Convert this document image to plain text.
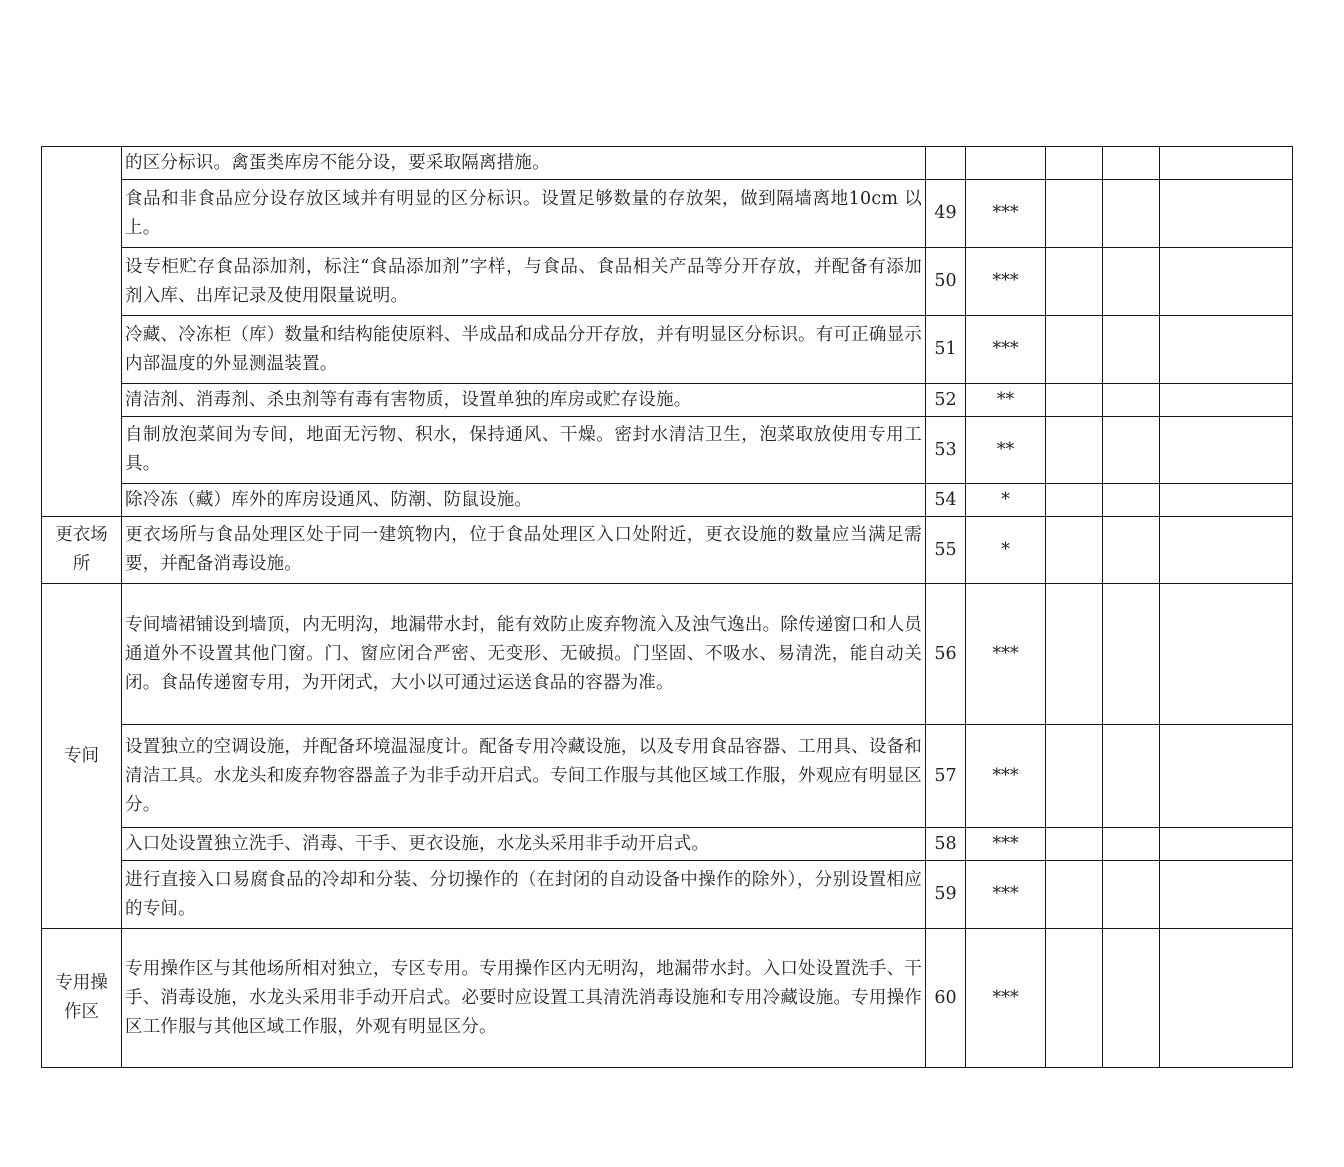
	的区分标识。禽蛋类库房不能分设，要采取隔离措施。					
	食品和非食品应分设存放区域并有明显的区分标识。设置足够数量的存放架，做到隔墙离地10cm 以上。	49	***			
	设专柜贮存食品添加剂，标注“食品添加剂”字样，与食品、食品相关产品等分开存放，并配备有添加剂入库、出库记录及使用限量说明。	50	***			
	冷藏、冷冻柜（库）数量和结构能使原料、半成品和成品分开存放，并有明显区分标识。有可正确显示内部温度的外显测温装置。	51	***			
	清洁剂、消毒剂、杀虫剂等有毒有害物质，设置单独的库房或贮存设施。	52	**			
	自制放泡菜间为专间，地面无污物、积水，保持通风、干燥。密封水清洁卫生，泡菜取放使用专用工具。	53	**			
	除冷冻（藏）库外的库房设通风、防潮、防鼠设施。	54	*			
更衣场所	更衣场所与食品处理区处于同一建筑物内，位于食品处理区入口处附近，更衣设施的数量应当满足需要，并配备消毒设施。	55	*			
专间	专间墙裙铺设到墙顶，内无明沟，地漏带水封，能有效防止废弃物流入及浊气逸出。除传递窗口和人员通道外不设置其他门窗。门、窗应闭合严密、无变形、无破损。门坚固、不吸水、易清洗，能自动关闭。食品传递窗专用，为开闭式，大小以可通过运送食品的容器为准。	56	***			
	设置独立的空调设施，并配备环境温湿度计。配备专用冷藏设施，以及专用食品容器、工用具、设备和清洁工具。水龙头和废弃物容器盖子为非手动开启式。专间工作服与其他区域工作服，外观应有明显区分。	57	***			
	入口处设置独立洗手、消毒、干手、更衣设施，水龙头采用非手动开启式。	58	***			
	进行直接入口易腐食品的冷却和分装、分切操作的（在封闭的自动设备中操作的除外），分别设置相应的专间。	59	***			
专用操作区	专用操作区与其他场所相对独立，专区专用。专用操作区内无明沟，地漏带水封。入口处设置洗手、干手、消毒设施，水龙头采用非手动开启式。必要时应设置工具清洗消毒设施和专用冷藏设施。专用操作区工作服与其他区域工作服，外观有明显区分。	60	***			
